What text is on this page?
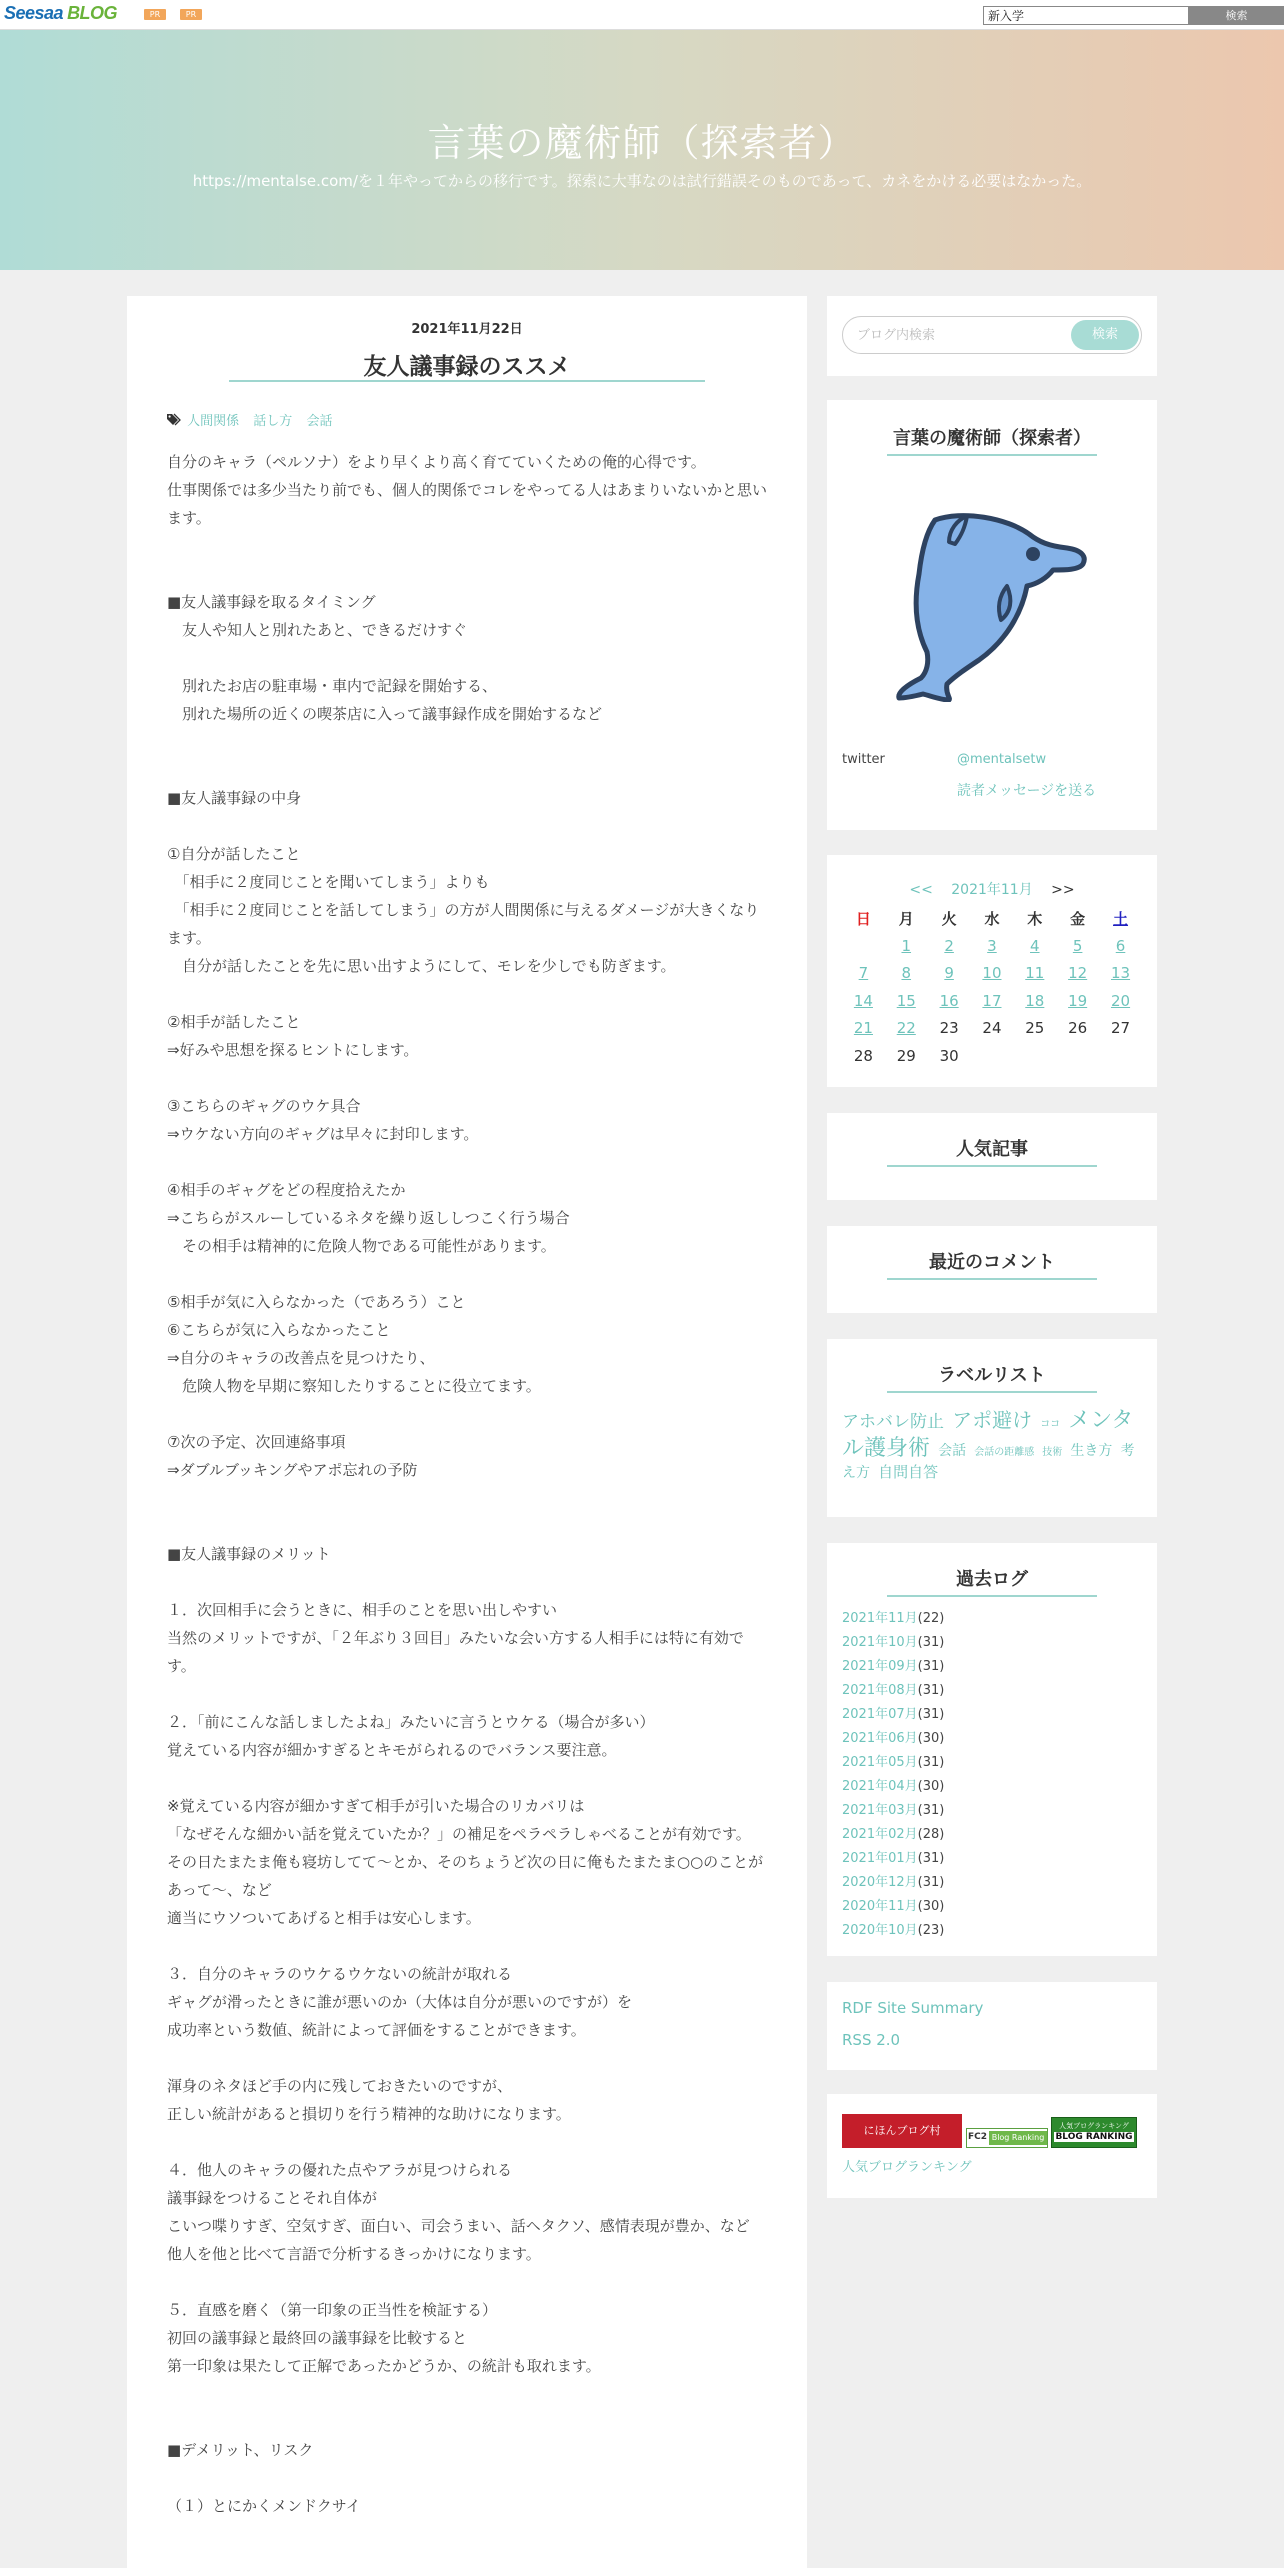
Seesaa BLOG	PR	PR
新入学	検索
言葉の魔術師（探索者）
https://mentalse.com/を１年やってからの移行です。探索に大事なのは試行錯誤そのものであって、カネをかける必要はなかった。
2021年11月22日
友人議事録のススメ
人間関係 話し方 会話
自分のキャラ（ペルソナ）をより早くより高く育てていくための俺的心得です。
仕事関係では多少当たり前でも、個人的関係でコレをやってる人はあまりいないかと思います。

■友人議事録を取るタイミング
　友人や知人と別れたあと、できるだけすぐ

　別れたお店の駐車場・車内で記録を開始する、
　別れた場所の近くの喫茶店に入って議事録作成を開始するなど

■友人議事録の中身

①自分が話したこと
　「相手に２度同じことを聞いてしまう」よりも
　「相手に２度同じことを話してしまう」の方が人間関係に与えるダメージが大きくなります。
　自分が話したことを先に思い出すようにして、モレを少しでも防ぎます。

②相手が話したこと
⇒好みや思想を探るヒントにします。

③こちらのギャグのウケ具合
⇒ウケない方向のギャグは早々に封印します。

④相手のギャグをどの程度拾えたか
⇒こちらがスルーしているネタを繰り返ししつこく行う場合
　その相手は精神的に危険人物である可能性があります。

⑤相手が気に入らなかった（であろう）こと
⑥こちらが気に入らなかったこと
⇒自分のキャラの改善点を見つけたり、
　危険人物を早期に察知したりすることに役立てます。

⑦次の予定、次回連絡事項
⇒ダブルブッキングやアポ忘れの予防

■友人議事録のメリット

１．次回相手に会うときに、相手のことを思い出しやすい
当然のメリットですが、「２年ぶり３回目」みたいな会い方する人相手には特に有効です。

２．「前にこんな話しましたよね」みたいに言うとウケる（場合が多い）
覚えている内容が細かすぎるとキモがられるのでバランス要注意。

※覚えている内容が細かすぎて相手が引いた場合のリカバリは
「なぜそんな細かい話を覚えていたか？」の補足をペラペラしゃべることが有効です。
その日たまたま俺も寝坊してて～とか、そのちょうど次の日に俺もたまたま○○のことがあって～、など
適当にウソついてあげると相手は安心します。

３．自分のキャラのウケるウケないの統計が取れる
ギャグが滑ったときに誰が悪いのか（大体は自分が悪いのですが）を
成功率という数値、統計によって評価をすることができます。

渾身のネタほど手の内に残しておきたいのですが、
正しい統計があると損切りを行う精神的な助けになります。

４．他人のキャラの優れた点やアラが見つけられる
議事録をつけることそれ自体が
こいつ喋りすぎ、空気すぎ、面白い、司会うまい、話ヘタクソ、感情表現が豊か、など
他人を他と比べて言語で分析するきっかけになります。

５．直感を磨く（第一印象の正当性を検証する）
初回の議事録と最終回の議事録を比較すると
第一印象は果たして正解であったかどうか、の統計も取れます。

■デメリット、リスク

（１）とにかくメンドクサイ
ブログ内検索
検索
言葉の魔術師（探索者）
twitter	@mentalsetw
読者メッセージを送る
<< 2021年11月 >>
日	月	火	水	木	金	土
	1	2	3	4	5	6
7	8	9	10	11	12	13
14	15	16	17	18	19	20
21	22	23	24	25	26	27
28	29	30				
人気記事
最近のコメント
ラベルリスト
アホバレ防止 アポ避け ココ メンタル護身術 会話 会話の距離感 技術 生き方 考え方 自問自答
過去ログ
2021年11月(22)
2021年10月(31)
2021年09月(31)
2021年08月(31)
2021年07月(31)
2021年06月(30)
2021年05月(31)
2021年04月(30)
2021年03月(31)
2021年02月(28)
2021年01月(31)
2020年12月(31)
2020年11月(30)
2020年10月(23)
RDF Site Summary
RSS 2.0
にほんブログ村	FC2 Blog Ranking
人気ブログランキング
BLOG RANKING
人気ブログランキング
